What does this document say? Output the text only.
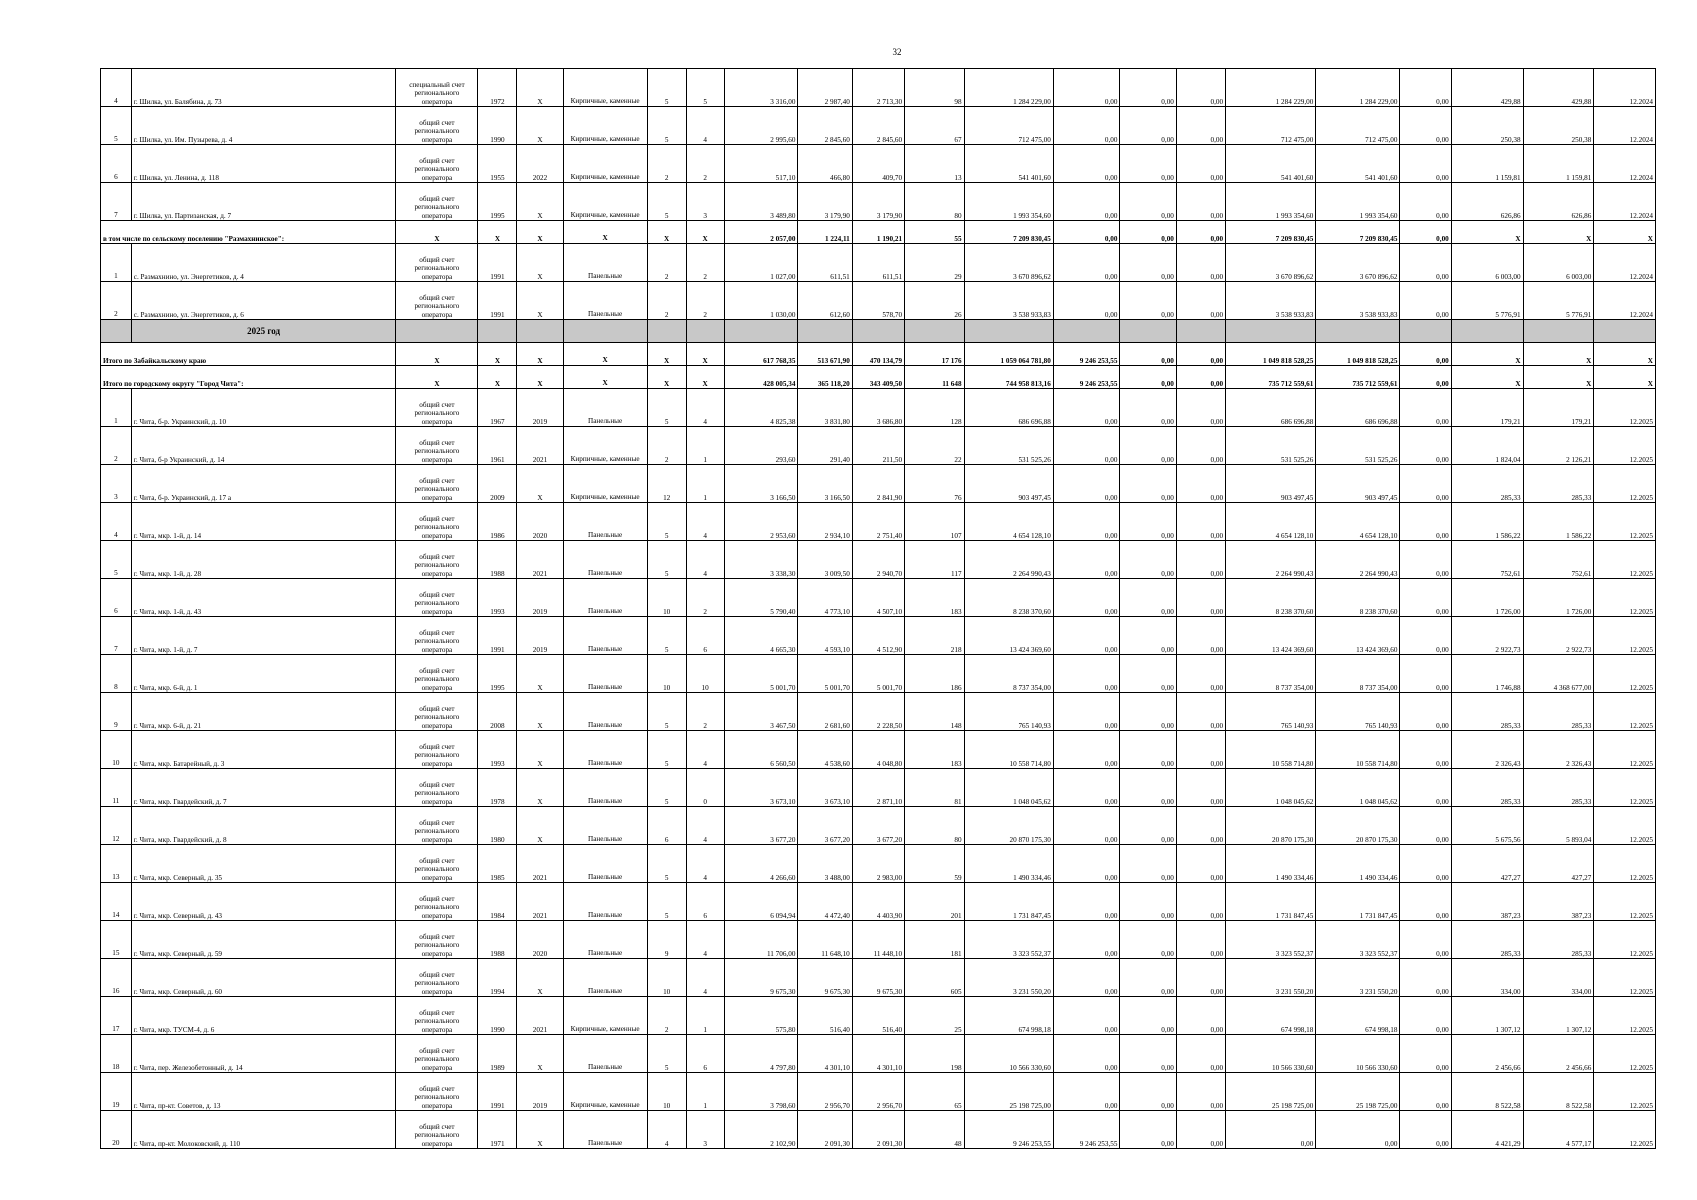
32
4	г. Шилка, ул. Балябина, д. 73	специальный счет регионального оператора	1972	X	Кирпичные, каменные	5	5	3 316,00	2 987,40	2 713,30	98	1 284 229,00	0,00	0,00	0,00	1 284 229,00	1 284 229,00	0,00	429,88	429,88	12.2024
5	г. Шилка, ул. Им. Пузырева, д. 4	общий счет регионального оператора	1990	X	Кирпичные, каменные	5	4	2 995,60	2 845,60	2 845,60	67	712 475,00	0,00	0,00	0,00	712 475,00	712 475,00	0,00	250,38	250,38	12.2024
6	г. Шилка, ул. Ленина, д. 118	общий счет регионального оператора	1955	2022	Кирпичные, каменные	2	2	517,10	466,80	409,70	13	541 401,60	0,00	0,00	0,00	541 401,60	541 401,60	0,00	1 159,81	1 159,81	12.2024
7	г. Шилка, ул. Партизанская, д. 7	общий счет регионального оператора	1995	X	Кирпичные, каменные	5	3	3 489,80	3 179,90	3 179,90	80	1 993 354,60	0,00	0,00	0,00	1 993 354,60	1 993 354,60	0,00	626,86	626,86	12.2024
в том числе по сельскому поселению "Размахнинское":		X	X	X	X	X	X	2 057,00	1 224,11	1 190,21	55	7 209 830,45	0,00	0,00	0,00	7 209 830,45	7 209 830,45	0,00	X	X	X
1	с. Размахнино, ул. Энергетиков, д. 4	общий счет регионального оператора	1991	X	Панельные	2	2	1 027,00	611,51	611,51	29	3 670 896,62	0,00	0,00	0,00	3 670 896,62	3 670 896,62	0,00	6 003,00	6 003,00	12.2024
2	с. Размахнино, ул. Энергетиков, д. 6	общий счет регионального оператора	1991	X	Панельные	2	2	1 030,00	612,60	578,70	26	3 538 933,83	0,00	0,00	0,00	3 538 933,83	3 538 933,83	0,00	5 776,91	5 776,91	12.2024
	2025 год																				
Итого по Забайкальскому краю		X	X	X	X	X	X	617 768,35	513 671,90	470 134,79	17 176	1 059 064 781,80	9 246 253,55	0,00	0,00	1 049 818 528,25	1 049 818 528,25	0,00	X	X	X
Итого по городскому округу "Город Чита":		X	X	X	X	X	X	428 005,34	365 118,20	343 409,50	11 648	744 958 813,16	9 246 253,55	0,00	0,00	735 712 559,61	735 712 559,61	0,00	X	X	X
1	г. Чита, б-р. Украинский, д. 10	общий счет регионального оператора	1967	2019	Панельные	5	4	4 825,38	3 831,80	3 686,80	128	686 696,88	0,00	0,00	0,00	686 696,88	686 696,88	0,00	179,21	179,21	12.2025
2	г. Чита, б-р Украинский, д. 14	общий счет регионального оператора	1961	2021	Кирпичные, каменные	2	1	293,60	291,40	211,50	22	531 525,26	0,00	0,00	0,00	531 525,26	531 525,26	0,00	1 824,04	2 126,21	12.2025
3	г. Чита, б-р. Украинский, д. 17 а	общий счет регионального оператора	2009	X	Кирпичные, каменные	12	1	3 166,50	3 166,50	2 841,90	76	903 497,45	0,00	0,00	0,00	903 497,45	903 497,45	0,00	285,33	285,33	12.2025
4	г. Чита, мкр. 1-й, д. 14	общий счет регионального оператора	1986	2020	Панельные	5	4	2 953,60	2 934,10	2 751,40	107	4 654 128,10	0,00	0,00	0,00	4 654 128,10	4 654 128,10	0,00	1 586,22	1 586,22	12.2025
5	г. Чита, мкр. 1-й, д. 28	общий счет регионального оператора	1988	2021	Панельные	5	4	3 338,30	3 009,50	2 940,70	117	2 264 990,43	0,00	0,00	0,00	2 264 990,43	2 264 990,43	0,00	752,61	752,61	12.2025
6	г. Чита, мкр. 1-й, д. 43	общий счет регионального оператора	1993	2019	Панельные	10	2	5 790,40	4 773,10	4 507,10	183	8 238 370,60	0,00	0,00	0,00	8 238 370,60	8 238 370,60	0,00	1 726,00	1 726,00	12.2025
7	г. Чита, мкр. 1-й, д. 7	общий счет регионального оператора	1991	2019	Панельные	5	6	4 665,30	4 593,10	4 512,90	218	13 424 369,60	0,00	0,00	0,00	13 424 369,60	13 424 369,60	0,00	2 922,73	2 922,73	12.2025
8	г. Чита, мкр. 6-й, д. 1	общий счет регионального оператора	1995	X	Панельные	10	10	5 001,70	5 001,70	5 001,70	186	8 737 354,00	0,00	0,00	0,00	8 737 354,00	8 737 354,00	0,00	1 746,88	4 368 677,00	12.2025
9	г. Чита, мкр. 6-й, д. 21	общий счет регионального оператора	2008	X	Панельные	5	2	3 467,50	2 681,60	2 228,50	148	765 140,93	0,00	0,00	0,00	765 140,93	765 140,93	0,00	285,33	285,33	12.2025
10	г. Чита, мкр. Батарейный, д. 3	общий счет регионального оператора	1993	X	Панельные	5	4	6 560,50	4 538,60	4 048,80	183	10 558 714,80	0,00	0,00	0,00	10 558 714,80	10 558 714,80	0,00	2 326,43	2 326,43	12.2025
11	г. Чита, мкр. Гвардейский, д. 7	общий счет регионального оператора	1978	X	Панельные	5	0	3 673,10	3 673,10	2 871,10	81	1 048 045,62	0,00	0,00	0,00	1 048 045,62	1 048 045,62	0,00	285,33	285,33	12.2025
12	г. Чита, мкр. Гвардейский, д. 8	общий счет регионального оператора	1980	X	Панельные	6	4	3 677,20	3 677,20	3 677,20	80	20 870 175,30	0,00	0,00	0,00	20 870 175,30	20 870 175,30	0,00	5 675,56	5 893,04	12.2025
13	г. Чита, мкр. Северный, д. 35	общий счет регионального оператора	1985	2021	Панельные	5	4	4 266,60	3 488,00	2 983,00	59	1 490 334,46	0,00	0,00	0,00	1 490 334,46	1 490 334,46	0,00	427,27	427,27	12.2025
14	г. Чита, мкр. Северный, д. 43	общий счет регионального оператора	1984	2021	Панельные	5	6	6 094,94	4 472,40	4 403,90	201	1 731 847,45	0,00	0,00	0,00	1 731 847,45	1 731 847,45	0,00	387,23	387,23	12.2025
15	г. Чита, мкр. Северный, д. 59	общий счет регионального оператора	1988	2020	Панельные	9	4	11 706,00	11 648,10	11 448,10	181	3 323 552,37	0,00	0,00	0,00	3 323 552,37	3 323 552,37	0,00	285,33	285,33	12.2025
16	г. Чита, мкр. Северный, д. 60	общий счет регионального оператора	1994	X	Панельные	10	4	9 675,30	9 675,30	9 675,30	605	3 231 550,20	0,00	0,00	0,00	3 231 550,20	3 231 550,20	0,00	334,00	334,00	12.2025
17	г. Чита, мкр. ТУСМ-4, д. 6	общий счет регионального оператора	1990	2021	Кирпичные, каменные	2	1	575,80	516,40	516,40	25	674 998,18	0,00	0,00	0,00	674 998,18	674 998,18	0,00	1 307,12	1 307,12	12.2025
18	г. Чита, пер. Железобетонный, д. 14	общий счет регионального оператора	1989	X	Панельные	5	6	4 797,80	4 301,10	4 301,10	198	10 566 330,60	0,00	0,00	0,00	10 566 330,60	10 566 330,60	0,00	2 456,66	2 456,66	12.2025
19	г. Чита, пр-кт. Советов, д. 13	общий счет регионального оператора	1991	2019	Кирпичные, каменные	10	1	3 798,60	2 956,70	2 956,70	65	25 198 725,00	0,00	0,00	0,00	25 198 725,00	25 198 725,00	0,00	8 522,58	8 522,58	12.2025
20	г. Чита, пр-кт. Молоковский, д. 110	общий счет регионального оператора	1971	X	Панельные	4	3	2 102,90	2 091,30	2 091,30	48	9 246 253,55	9 246 253,55	0,00	0,00	0,00	0,00	0,00	4 421,29	4 577,17	12.2025
